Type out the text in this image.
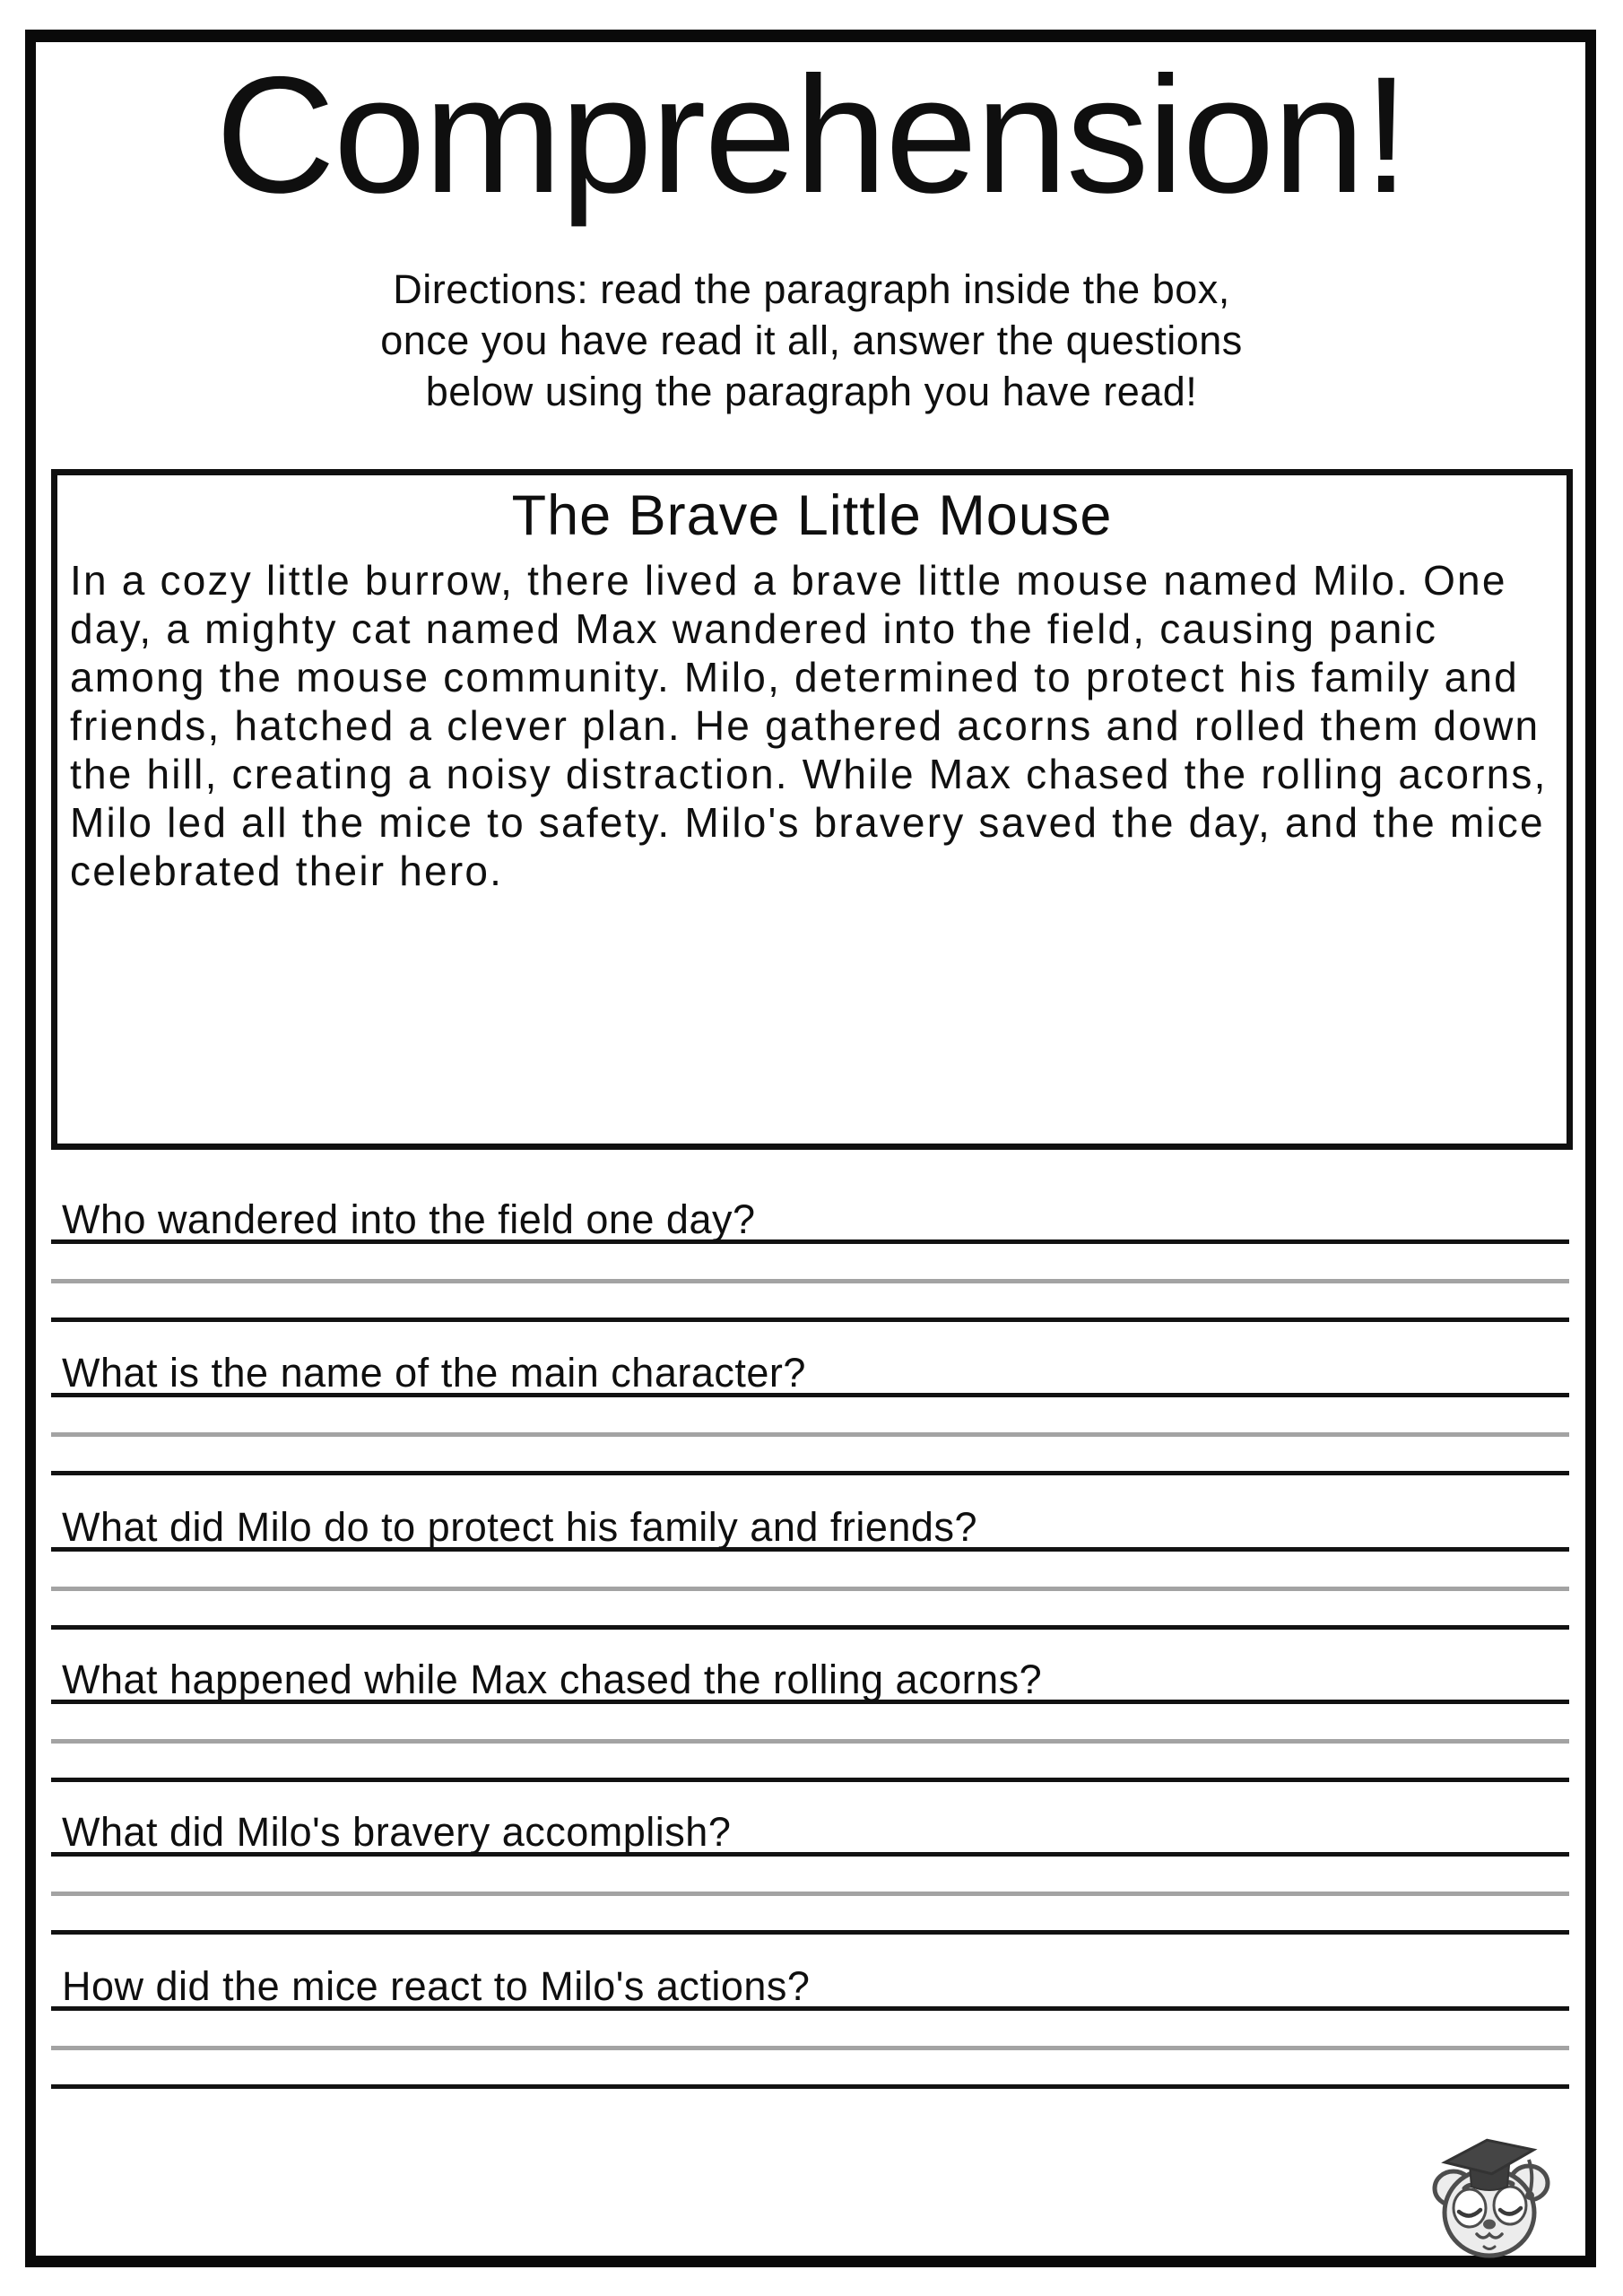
Comprehension!
Directions: read the paragraph inside the box,
once you have read it all, answer the questions
below using the paragraph you have read!
The Brave Little Mouse

In a cozy little burrow, there lived a brave little mouse named Milo. One day, a mighty cat named Max wandered into the field, causing panic among the mouse community. Milo, determined to protect his family and friends, hatched a clever plan. He gathered acorns and rolled them down the hill, creating a noisy distraction. While Max chased the rolling acorns, Milo led all the mice to safety. Milo's bravery saved the day, and the mice celebrated their hero.

Who wandered into the field one day?
What is the name of the main character?
What did Milo do to protect his family and friends?
What happened while Max chased the rolling acorns?
What did Milo's bravery accomplish?
How did the mice react to Milo's actions?
